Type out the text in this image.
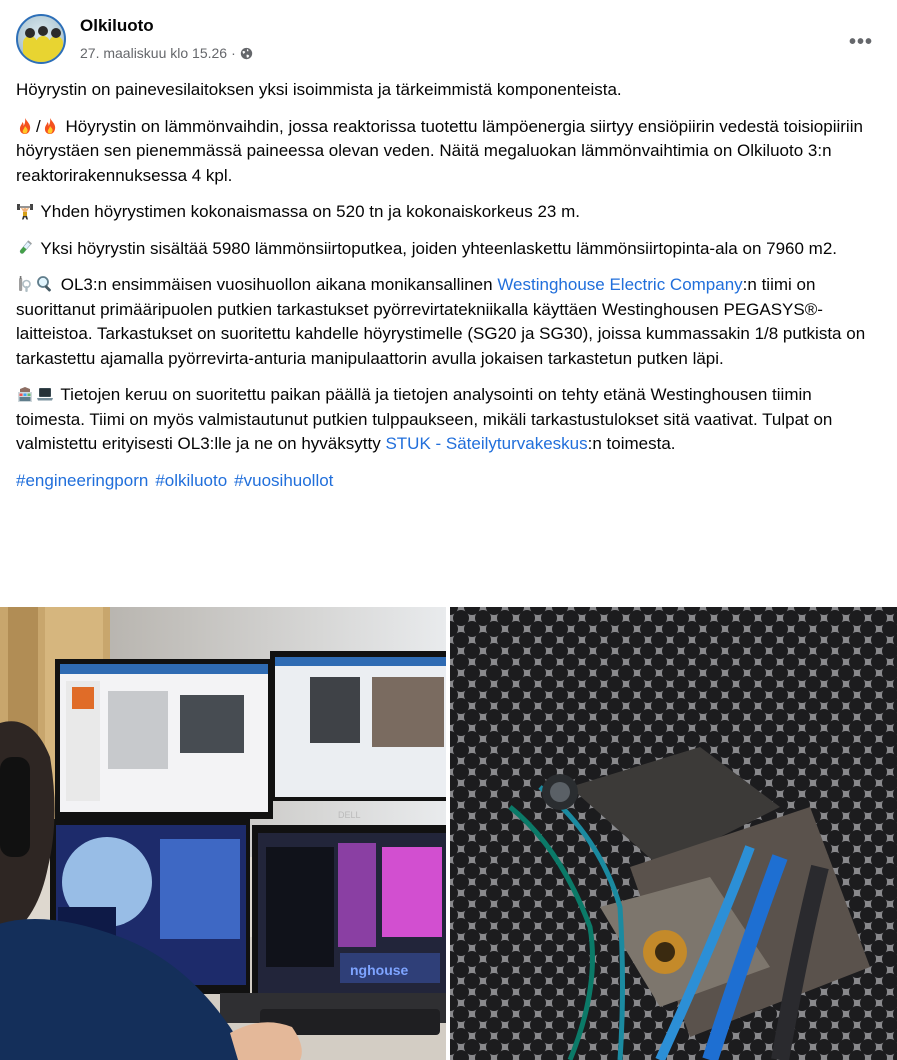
Olkiluoto
27. maaliskuu klo 15.26 ·
•••

Höyrystin on painevesilaitoksen yksi isoimmista ja tärkeimmistä komponenteista.

/ Höyrystin on lämmönvaihdin, jossa reaktorissa tuotettu lämpöenergia siirtyy ensiöpiirin vedestä toisiopiiriin höyrystäen sen pienemmässä paineessa olevan veden. Näitä megaluokan lämmönvaihtimia on Olkiluoto 3:n reaktorirakennuksessa 4 kpl.

Yhden höyrystimen kokonaismassa on 520 tn ja kokonaiskorkeus 23 m.

Yksi höyrystin sisältää 5980 lämmönsiirtoputkea, joiden yhteenlaskettu lämmönsiirtopinta-ala on 7960 m2.

OL3:n ensimmäisen vuosihuollon aikana monikansallinen Westinghouse Electric Company:n tiimi on suorittanut primääripuolen putkien tarkastukset pyörrevirtatekniikalla käyttäen Westinghousen PEGASYS®-laitteistoa. Tarkastukset on suoritettu kahdelle höyrystimelle (SG20 ja SG30), joissa kummassakin 1/8 putkista on tarkastettu ajamalla pyörrevirta-anturia manipulaattorin avulla jokaisen tarkastetun putken läpi.

Tietojen keruu on suoritettu paikan päällä ja tietojen analysointi on tehty etänä Westinghousen tiimin toimesta. Tiimi on myös valmistautunut putkien tulppaukseen, mikäli tarkastustulokset sitä vaativat. Tulpat on valmistettu erityisesti OL3:lle ja ne on hyväksytty STUK - Säteilyturvakeskus:n toimesta.

#engineeringporn #olkiluoto #vuosihuollot

nghouse
DELL
